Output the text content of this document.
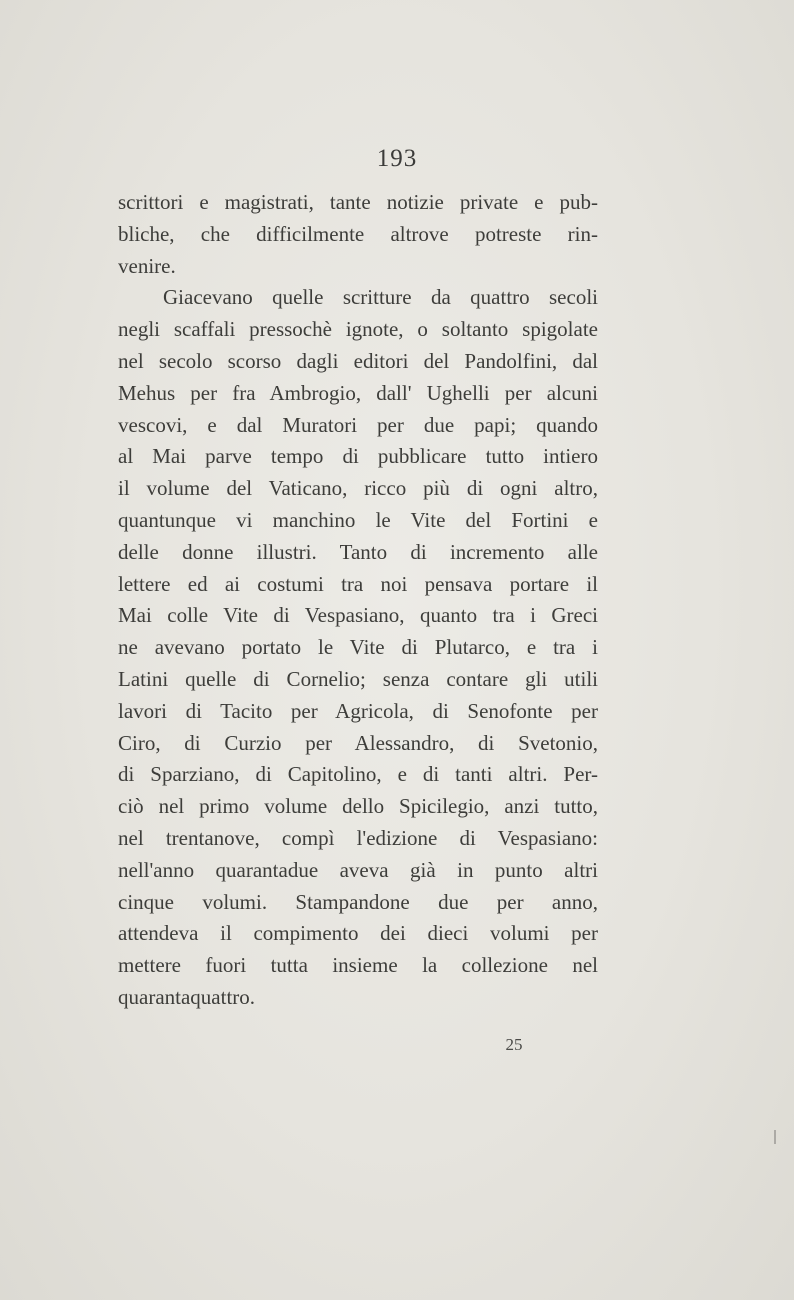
193
scrittori e magistrati, tante notizie private e pub-
bliche, che difficilmente altrove potreste rin-
venire.
Giacevano quelle scritture da quattro secoli
negli scaffali pressochè ignote, o soltanto spigolate
nel secolo scorso dagli editori del Pandolfini, dal
Mehus per fra Ambrogio, dall' Ughelli per alcuni
vescovi, e dal Muratori per due papi; quando
al Mai parve tempo di pubblicare tutto intiero
il volume del Vaticano, ricco più di ogni altro,
quantunque vi manchino le Vite del Fortini e
delle donne illustri. Tanto di incremento alle
lettere ed ai costumi tra noi pensava portare il
Mai colle Vite di Vespasiano, quanto tra i Greci
ne avevano portato le Vite di Plutarco, e tra i
Latini quelle di Cornelio; senza contare gli utili
lavori di Tacito per Agricola, di Senofonte per
Ciro, di Curzio per Alessandro, di Svetonio,
di Sparziano, di Capitolino, e di tanti altri. Per-
ciò nel primo volume dello Spicilegio, anzi tutto,
nel trentanove, compì l'edizione di Vespasiano:
nell'anno quarantadue aveva già in punto altri
cinque volumi. Stampandone due per anno,
attendeva il compimento dei dieci volumi per
mettere fuori tutta insieme la collezione nel
quarantaquattro.
25
